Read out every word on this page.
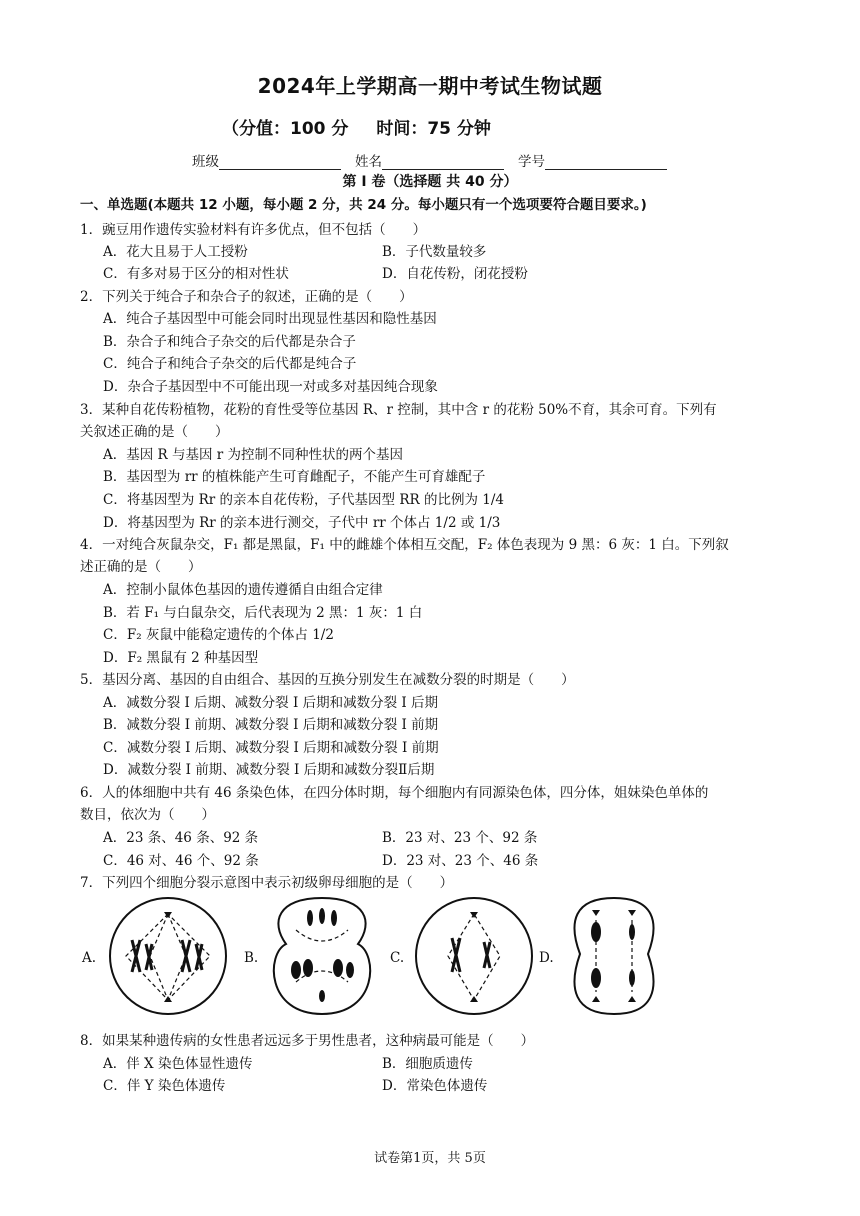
2024年上学期高一期中考试生物试题
（分值：100 分 时间：75 分钟
班级	姓名	学号
第 I 卷（选择题 共 40 分）
一、单选题(本题共 12 小题，每小题 2 分，共 24 分。每小题只有一个选项要符合题目要求。)
1．豌豆用作遗传实验材料有许多优点，但不包括（　　）
A．花大且易于人工授粉	B．子代数量较多
C．有多对易于区分的相对性状	D．自花传粉，闭花授粉
2．下列关于纯合子和杂合子的叙述，正确的是（　　）
A．纯合子基因型中可能会同时出现显性基因和隐性基因
B．杂合子和纯合子杂交的后代都是杂合子
C．纯合子和纯合子杂交的后代都是纯合子
D．杂合子基因型中不可能出现一对或多对基因纯合现象
3．某种自花传粉植物，花粉的育性受等位基因 R、r 控制，其中含 r 的花粉 50%不育，其余可育。下列有
关叙述正确的是（　　）
A．基因 R 与基因 r 为控制不同种性状的两个基因
B．基因型为 rr 的植株能产生可育雌配子，不能产生可育雄配子
C．将基因型为 Rr 的亲本自花传粉，子代基因型 RR 的比例为 1/4
D．将基因型为 Rr 的亲本进行测交，子代中 rr 个体占 1/2 或 1/3
4．一对纯合灰鼠杂交，F₁ 都是黑鼠，F₁ 中的雌雄个体相互交配，F₂ 体色表现为 9 黑：6 灰：1 白。下列叙
述正确的是（　　）
A．控制小鼠体色基因的遗传遵循自由组合定律
B．若 F₁ 与白鼠杂交，后代表现为 2 黑：1 灰：1 白
C．F₂ 灰鼠中能稳定遗传的个体占 1/2
D．F₂ 黑鼠有 2 种基因型
5．基因分离、基因的自由组合、基因的互换分别发生在减数分裂的时期是（　　）
A．减数分裂 Ⅰ 后期、减数分裂 Ⅰ 后期和减数分裂 Ⅰ 后期
B．减数分裂 Ⅰ 前期、减数分裂 Ⅰ 后期和减数分裂 Ⅰ 前期
C．减数分裂 Ⅰ 后期、减数分裂 Ⅰ 后期和减数分裂 Ⅰ 前期
D．减数分裂 Ⅰ 前期、减数分裂 Ⅰ 后期和减数分裂Ⅱ后期
6．人的体细胞中共有 46 条染色体，在四分体时期，每个细胞内有同源染色体，四分体，姐妹染色单体的
数目，依次为（　　）
A．23 条、46 条、92 条	B．23 对、23 个、92 条
C．46 对、46 个、92 条	D．23 对、23 个、46 条
7．下列四个细胞分裂示意图中表示初级卵母细胞的是（　　）
A.	B.	C.	D.
8．如果某种遗传病的女性患者远远多于男性患者，这种病最可能是（　　）
A．伴 X 染色体显性遗传	B．细胞质遗传
C．伴 Y 染色体遗传	D．常染色体遗传
试卷第1页，共 5页
